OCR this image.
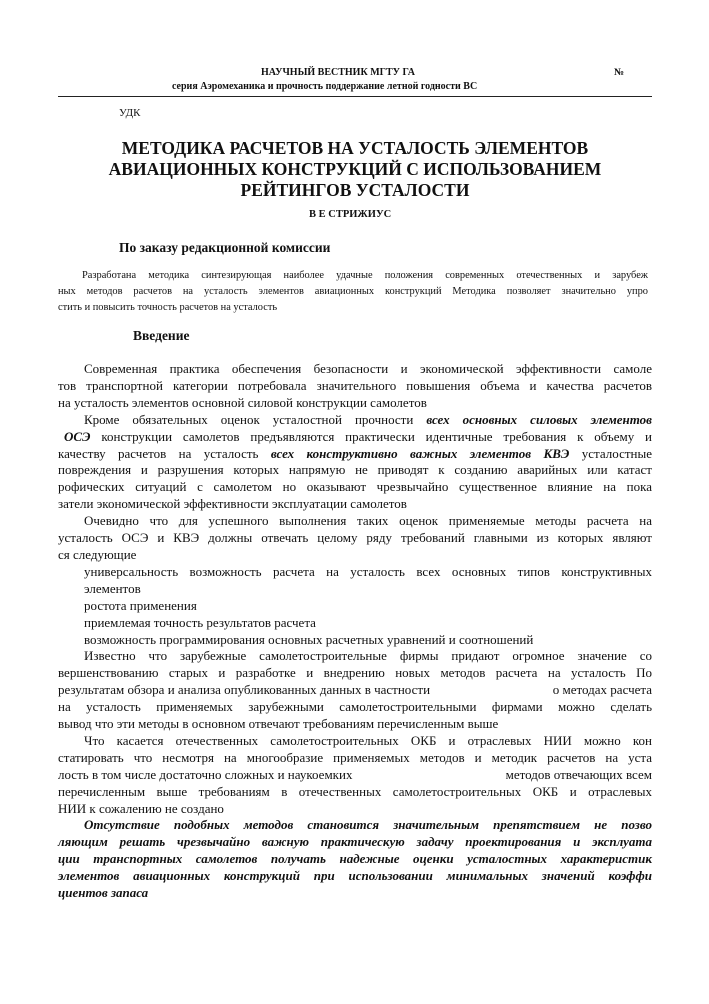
НАУЧНЫЙ ВЕСТНИК МГТУ ГА	№
серия Аэромеханика и прочность поддержание летной годности ВС
УДК
МЕТОДИКА РАСЧЕТОВ НА УСТАЛОСТЬ ЭЛЕМЕНТОВ
АВИАЦИОННЫХ КОНСТРУКЦИЙ С ИСПОЛЬЗОВАНИЕМ
РЕЙТИНГОВ УСТАЛОСТИ
В Е СТРИЖИУС
По заказу редакционной комиссии
Разработана методика синтезирующая наиболее удачные положения современных отечественных и зарубеж
ных методов расчетов на усталость элементов авиационных конструкций Методика позволяет значительно упро
стить и повысить точность расчетов на усталость
Введение
Современная практика обеспечения безопасности и экономической эффективности самоле
тов транспортной категории потребовала значительного повышения объема и качества расчетов
на усталость элементов основной силовой конструкции самолетов
Кроме обязательных оценок усталостной прочности всех основных силовых элементов
ОСЭ конструкции самолетов предъявляются практически идентичные требования к объему и
качеству расчетов на усталость всех конструктивно важных элементов КВЭ усталостные
повреждения и разрушения которых напрямую не приводят к созданию аварийных или катаст
рофических ситуаций с самолетом но оказывают чрезвычайно существенное влияние на пока
затели экономической эффективности эксплуатации самолетов
Очевидно что для успешного выполнения таких оценок применяемые методы расчета на
усталость ОСЭ и КВЭ должны отвечать целому ряду требований главными из которых являют
ся следующие
универсальность возможность расчета на усталость всех основных типов конструктивных
элементов
ростота применения
приемлемая точность результатов расчета
возможность программирования основных расчетных уравнений и соотношений
Известно что зарубежные самолетостроительные фирмы придают огромное значение со
вершенствованию старых и разработке и внедрению новых методов расчета на усталость По
результатам обзора и анализа опубликованных данных в частности	о методах расчета
на усталость применяемых зарубежными самолетостроительными фирмами можно сделать
вывод что эти методы в основном отвечают требованиям перечисленным выше
Что касается отечественных самолетостроительных ОКБ и отраслевых НИИ можно кон
статировать что несмотря на многообразие применяемых методов и методик расчетов на уста
лость в том числе достаточно сложных и наукоемких	методов отвечающих всем
перечисленным выше требованиям в отечественных самолетостроительных ОКБ и отраслевых
НИИ к сожалению не создано
Отсутствие подобных методов становится значительным препятствием не позво
ляющим решать чрезвычайно важную практическую задачу проектирования и эксплуата
ции транспортных самолетов получать надежные оценки усталостных характеристик
элементов авиационных конструкций при использовании минимальных значений коэффи
циентов запаса
